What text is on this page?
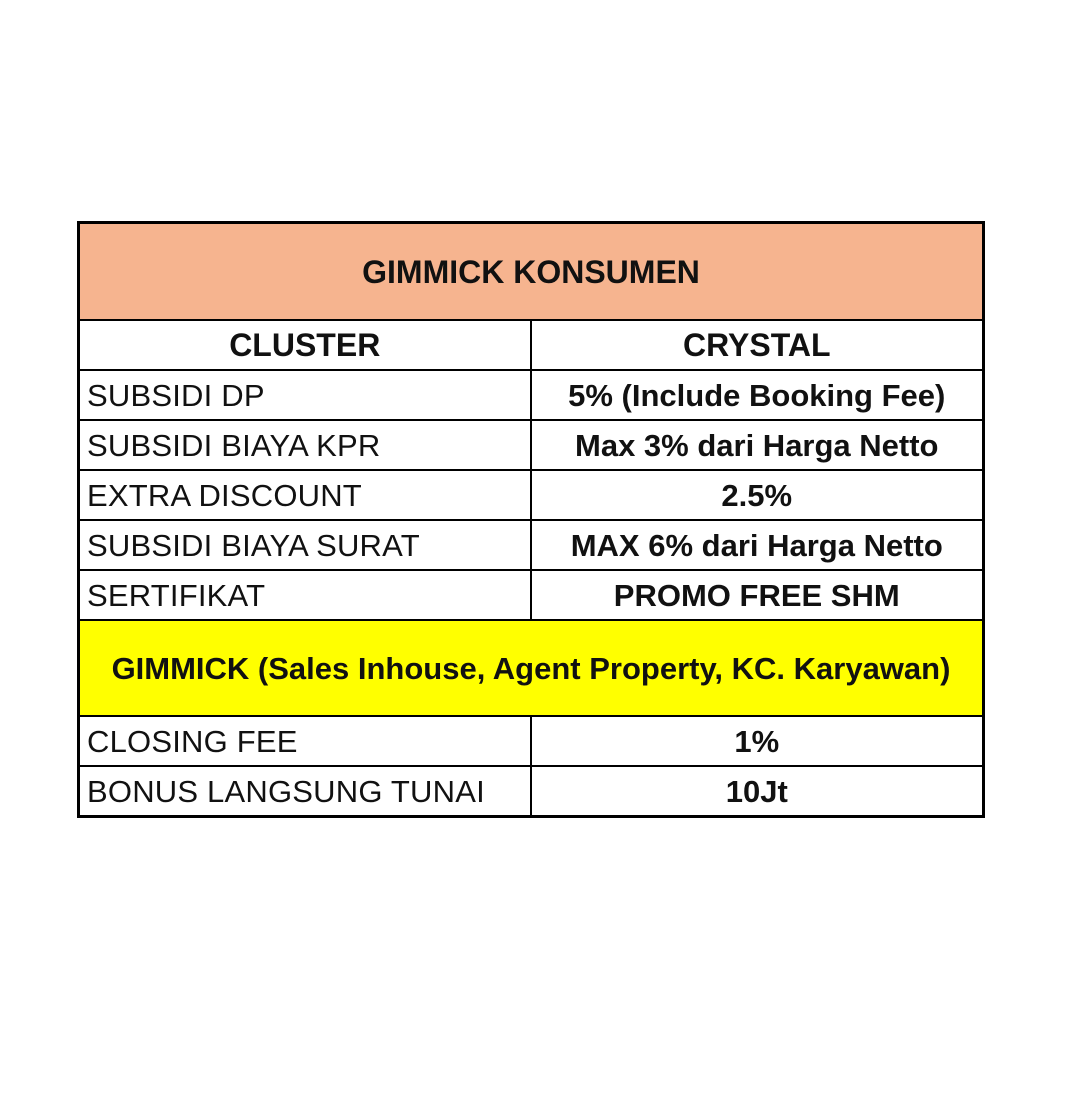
GIMMICK KONSUMEN	
CLUSTER	CRYSTAL
SUBSIDI DP	5% (Include Booking Fee)
SUBSIDI BIAYA KPR	Max 3% dari Harga Netto
EXTRA DISCOUNT	2.5%
SUBSIDI BIAYA SURAT	MAX 6% dari Harga Netto
SERTIFIKAT	PROMO FREE SHM
GIMMICK (Sales Inhouse, Agent Property, KC. Karyawan)	
CLOSING FEE	1%
BONUS LANGSUNG TUNAI	10Jt
